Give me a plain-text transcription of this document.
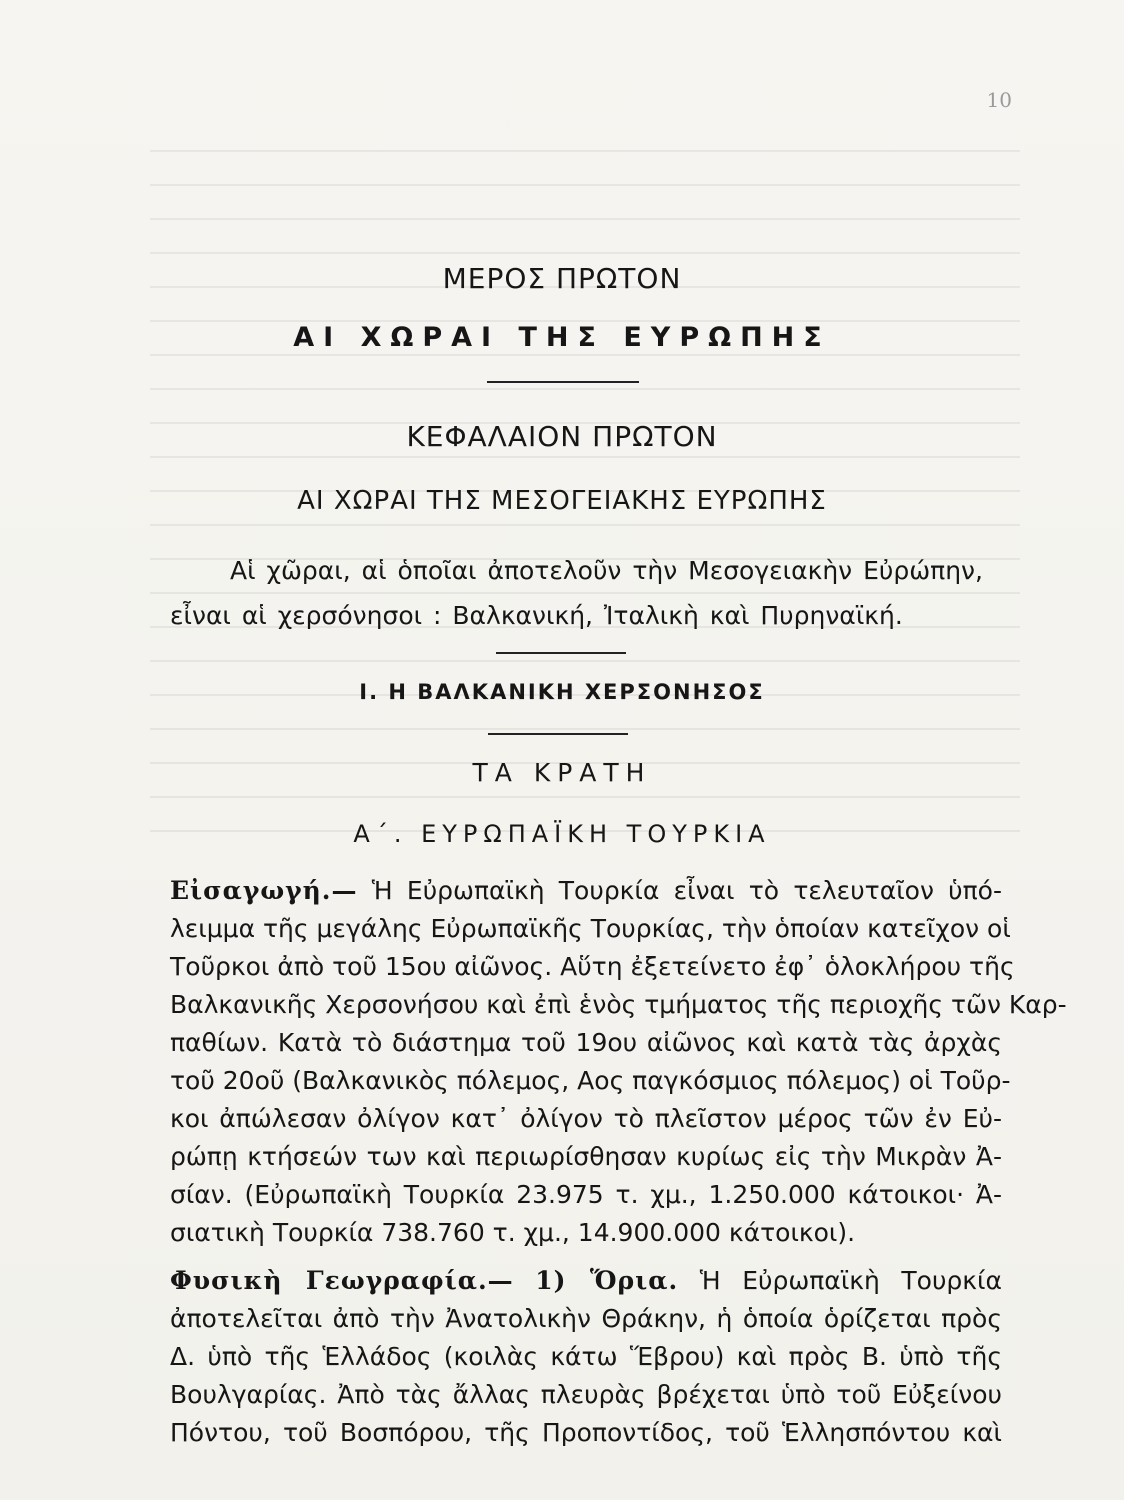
10
ΜΕΡΟΣ ΠΡΩΤΟΝ
ΑΙ ΧΩΡΑΙ ΤΗΣ ΕΥΡΩΠΗΣ
ΚΕΦΑΛΑΙΟΝ ΠΡΩΤΟΝ
ΑΙ ΧΩΡΑΙ ΤΗΣ ΜΕΣΟΓΕΙΑΚΗΣ ΕΥΡΩΠΗΣ
Αἱ χῶραι, αἱ ὁποῖαι ἀποτελοῦν τὴν Μεσογειακὴν Εὐρώπην,
εἶναι αἱ χερσόνησοι : Βαλκανική, Ἰταλικὴ καὶ Πυρηναϊκή.
Ι. Η ΒΑΛΚΑΝΙΚΗ ΧΕΡΣΟΝΗΣΟΣ
ΤΑ ΚΡΑΤΗ
Α΄. ΕΥΡΩΠΑΪΚΗ ΤΟΥΡΚΙΑ
Εἰσαγωγή.— Ἡ Εὐρωπαϊκὴ Τουρκία εἶναι τὸ τελευταῖον ὑπό-
λειμμα τῆς μεγάλης Εὐρωπαϊκῆς Τουρκίας, τὴν ὁποίαν κατεῖχον οἱ
Τοῦρκοι ἀπὸ τοῦ 15ου αἰῶνος. Αὕτη ἐξετείνετο ἐφ᾽ ὁλοκλήρου τῆς
Βαλκανικῆς Χερσονήσου καὶ ἐπὶ ἑνὸς τμήματος τῆς περιοχῆς τῶν Καρ-
παθίων. Κατὰ τὸ διάστημα τοῦ 19ου αἰῶνος καὶ κατὰ τὰς ἀρχὰς
τοῦ 20οῦ (Βαλκανικὸς πόλεμος, Αος παγκόσμιος πόλεμος) οἱ Τοῦρ-
κοι ἀπώλεσαν ὀλίγον κατ᾽ ὀλίγον τὸ πλεῖστον μέρος τῶν ἐν Εὐ-
ρώπῃ κτήσεών των καὶ περιωρίσθησαν κυρίως εἰς τὴν Μικρὰν Ἀ-
σίαν. (Εὐρωπαϊκὴ Τουρκία 23.975 τ. χμ., 1.250.000 κάτοικοι· Ἀ-
σιατικὴ Τουρκία 738.760 τ. χμ., 14.900.000 κάτοικοι).
Φυσικὴ Γεωγραφία.— 1) Ὅρια. Ἡ Εὐρωπαϊκὴ Τουρκία
ἀποτελεῖται ἀπὸ τὴν Ἀνατολικὴν Θράκην, ἡ ὁποία ὁρίζεται πρὸς
Δ. ὑπὸ τῆς Ἑλλάδος (κοιλὰς κάτω Ἕβρου) καὶ πρὸς Β. ὑπὸ τῆς
Βουλγαρίας. Ἀπὸ τὰς ἄλλας πλευρὰς βρέχεται ὑπὸ τοῦ Εὐξείνου
Πόντου, τοῦ Βοσπόρου, τῆς Προποντίδος, τοῦ Ἑλλησπόντου καὶ
